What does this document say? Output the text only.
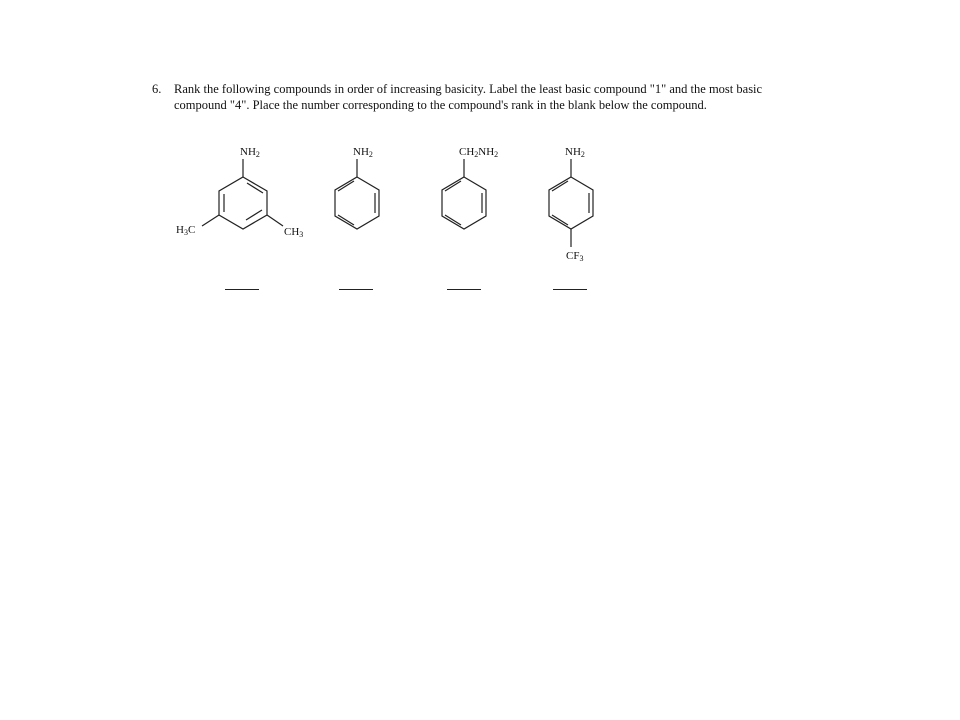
6. Rank the following compounds in order of increasing basicity. Label the least basic compound "1" and the most basic compound "4". Place the number corresponding to the compound's rank in the blank below the compound.
$NH_2$
$H_3C$	$CH_3$
$NH_2$	$CH_2NH_2$	$NH_2$
$CF_3$
